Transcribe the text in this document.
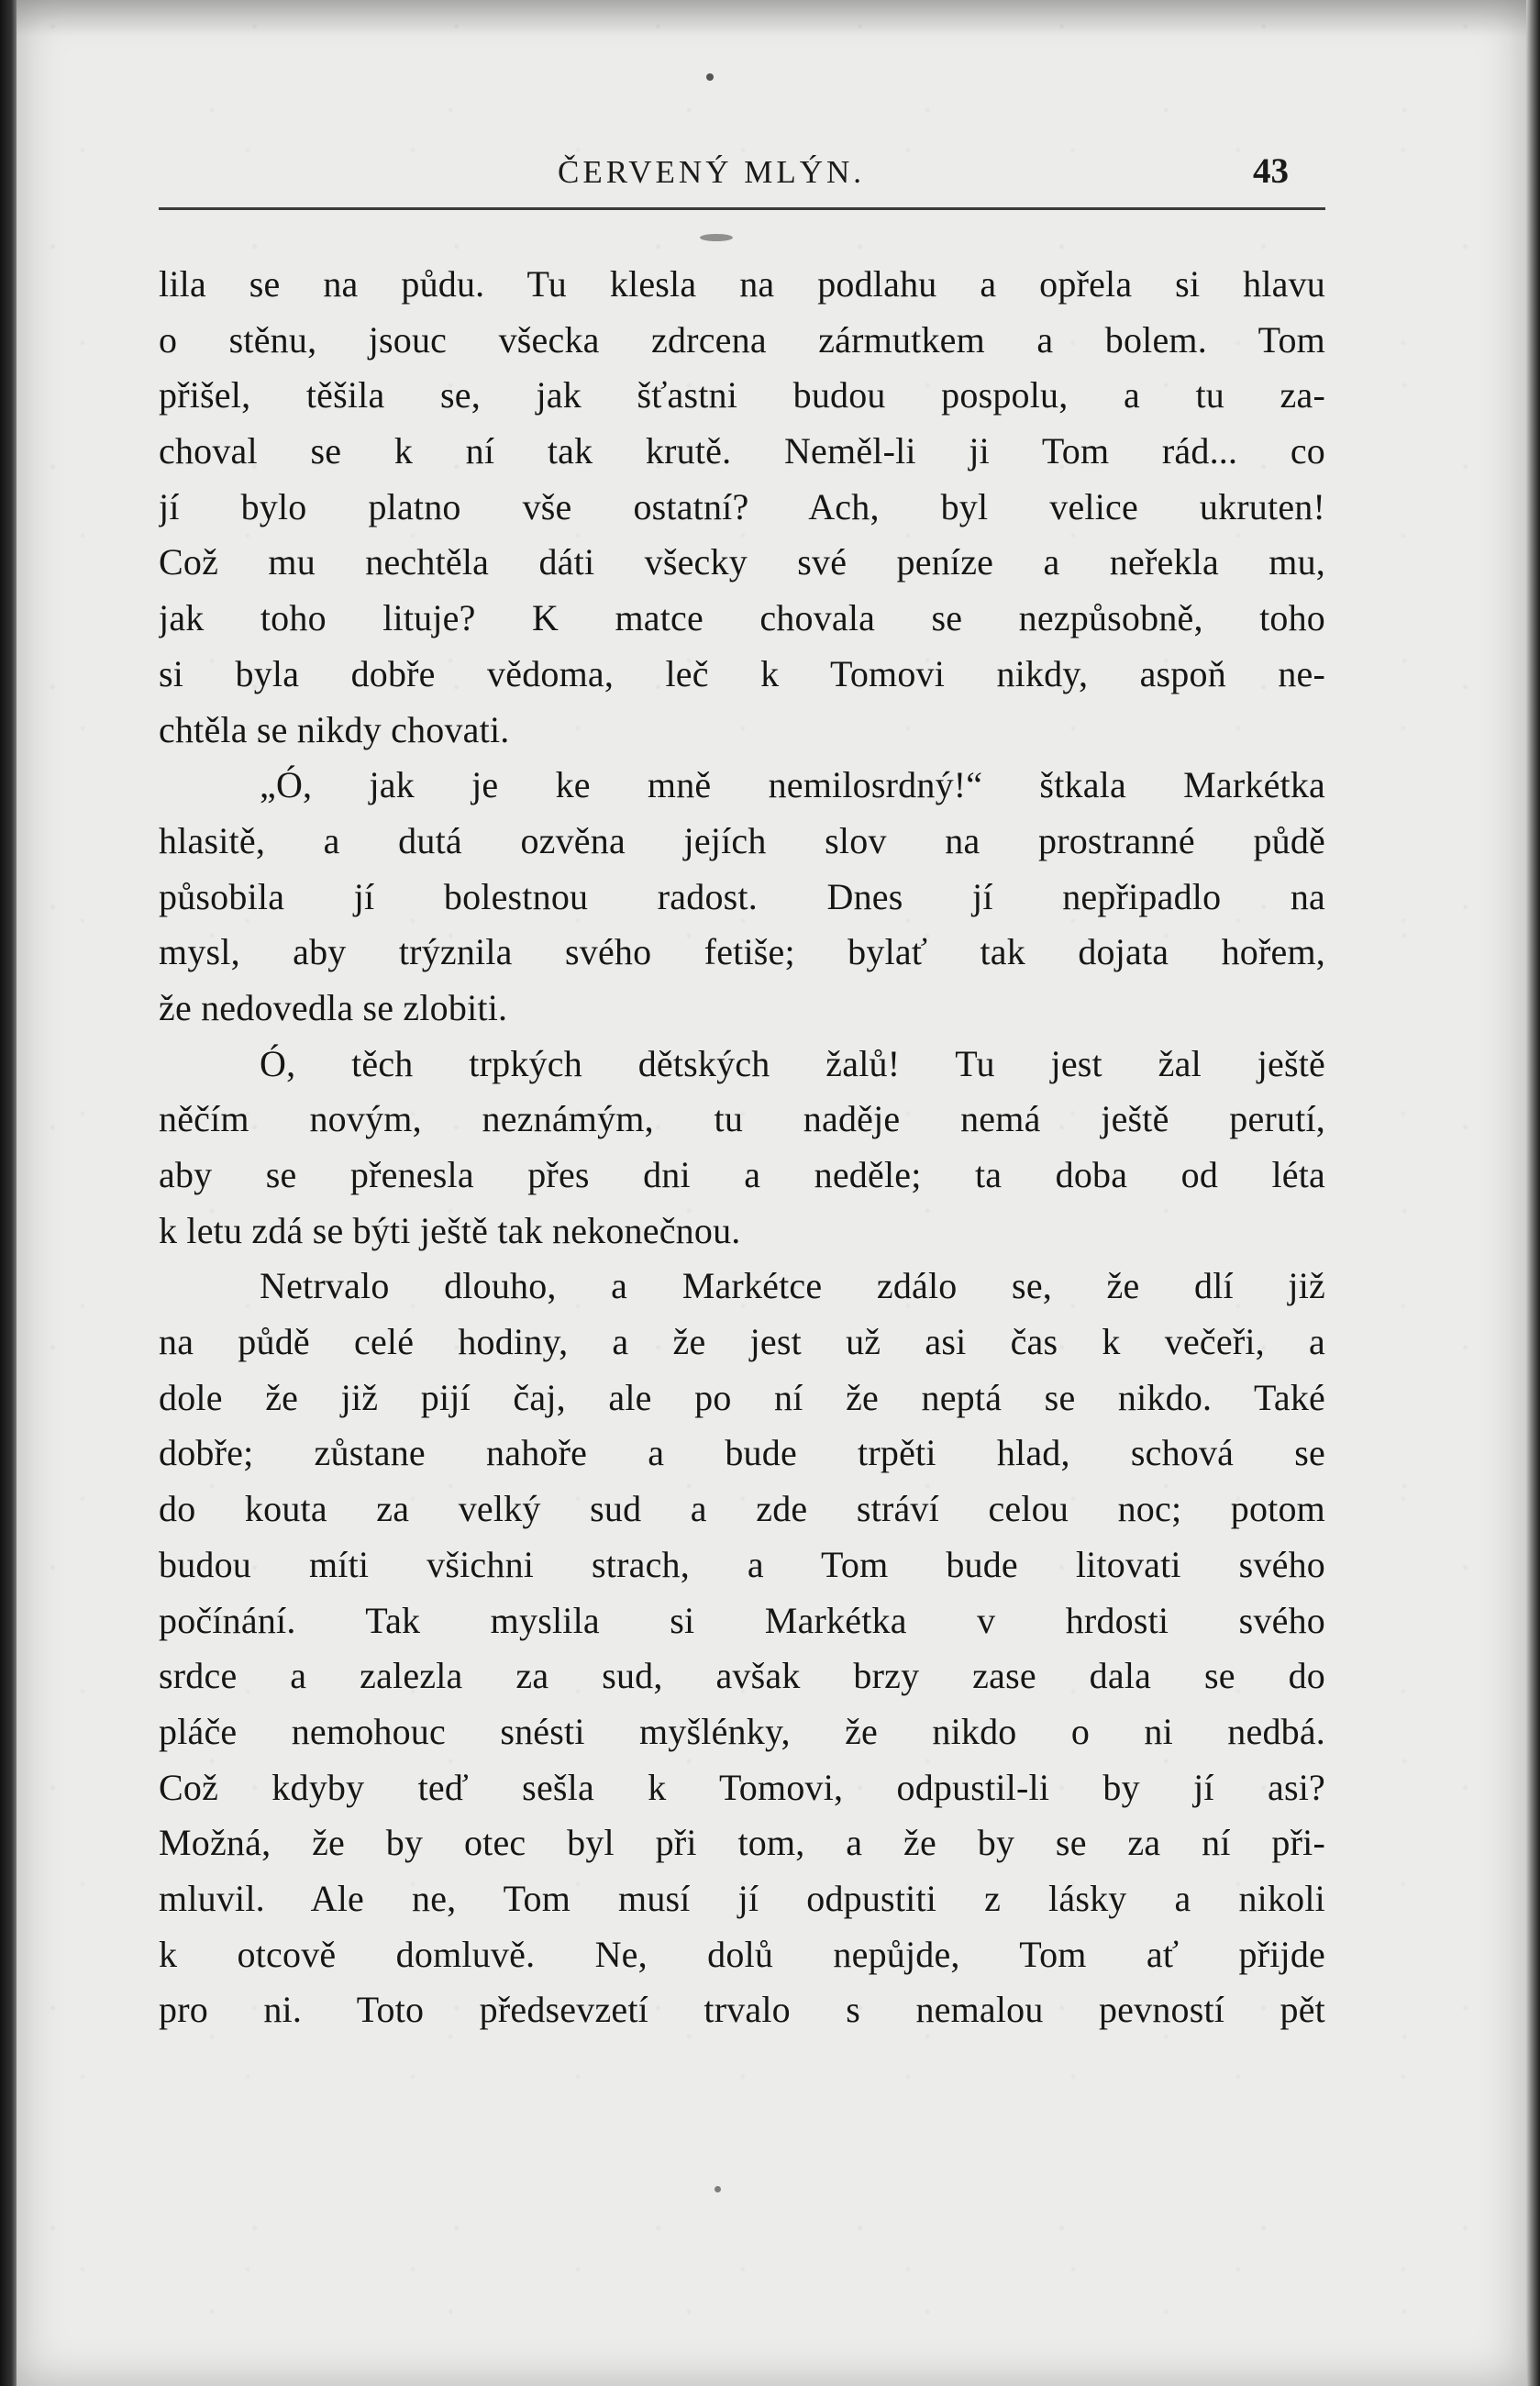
ČERVENÝ MLÝN.	43
lila se na půdu. Tu klesla na podlahu a opřela si hlavu
o stěnu, jsouc všecka zdrcena zármutkem a bolem. Tom
přišel, těšila se, jak šťastni budou pospolu, a tu za-
choval se k ní tak krutě. Neměl-li ji Tom rád... co
jí bylo platno vše ostatní? Ach, byl velice ukruten!
Což mu nechtěla dáti všecky své peníze a neřekla mu,
jak toho lituje? K matce chovala se nezpůsobně, toho
si byla dobře vědoma, leč k Tomovi nikdy, aspoň ne-
chtěla se nikdy chovati.
„Ó, jak je ke mně nemilosrdný!“ štkala Markétka
hlasitě, a dutá ozvěna jejích slov na prostranné půdě
působila jí bolestnou radost. Dnes jí nepřipadlo na
mysl, aby trýznila svého fetiše; bylať tak dojata hořem,
že nedovedla se zlobiti.
Ó, těch trpkých dětských žalů! Tu jest žal ještě
něčím novým, neznámým, tu naděje nemá ještě perutí,
aby se přenesla přes dni a neděle; ta doba od léta
k letu zdá se býti ještě tak nekonečnou.
Netrvalo dlouho, a Markétce zdálo se, že dlí již
na půdě celé hodiny, a že jest už asi čas k večeři, a
dole že již pijí čaj, ale po ní že neptá se nikdo. Také
dobře; zůstane nahoře a bude trpěti hlad, schová se
do kouta za velký sud a zde stráví celou noc; potom
budou míti všichni strach, a Tom bude litovati svého
počínání. Tak myslila si Markétka v hrdosti svého
srdce a zalezla za sud, avšak brzy zase dala se do
pláče nemohouc snésti myšlénky, že nikdo o ni nedbá.
Což kdyby teď sešla k Tomovi, odpustil-li by jí asi?
Možná, že by otec byl při tom, a že by se za ní při-
mluvil. Ale ne, Tom musí jí odpustiti z lásky a nikoli
k otcově domluvě. Ne, dolů nepůjde, Tom ať přijde
pro ni. Toto předsevzetí trvalo s nemalou pevností pět
